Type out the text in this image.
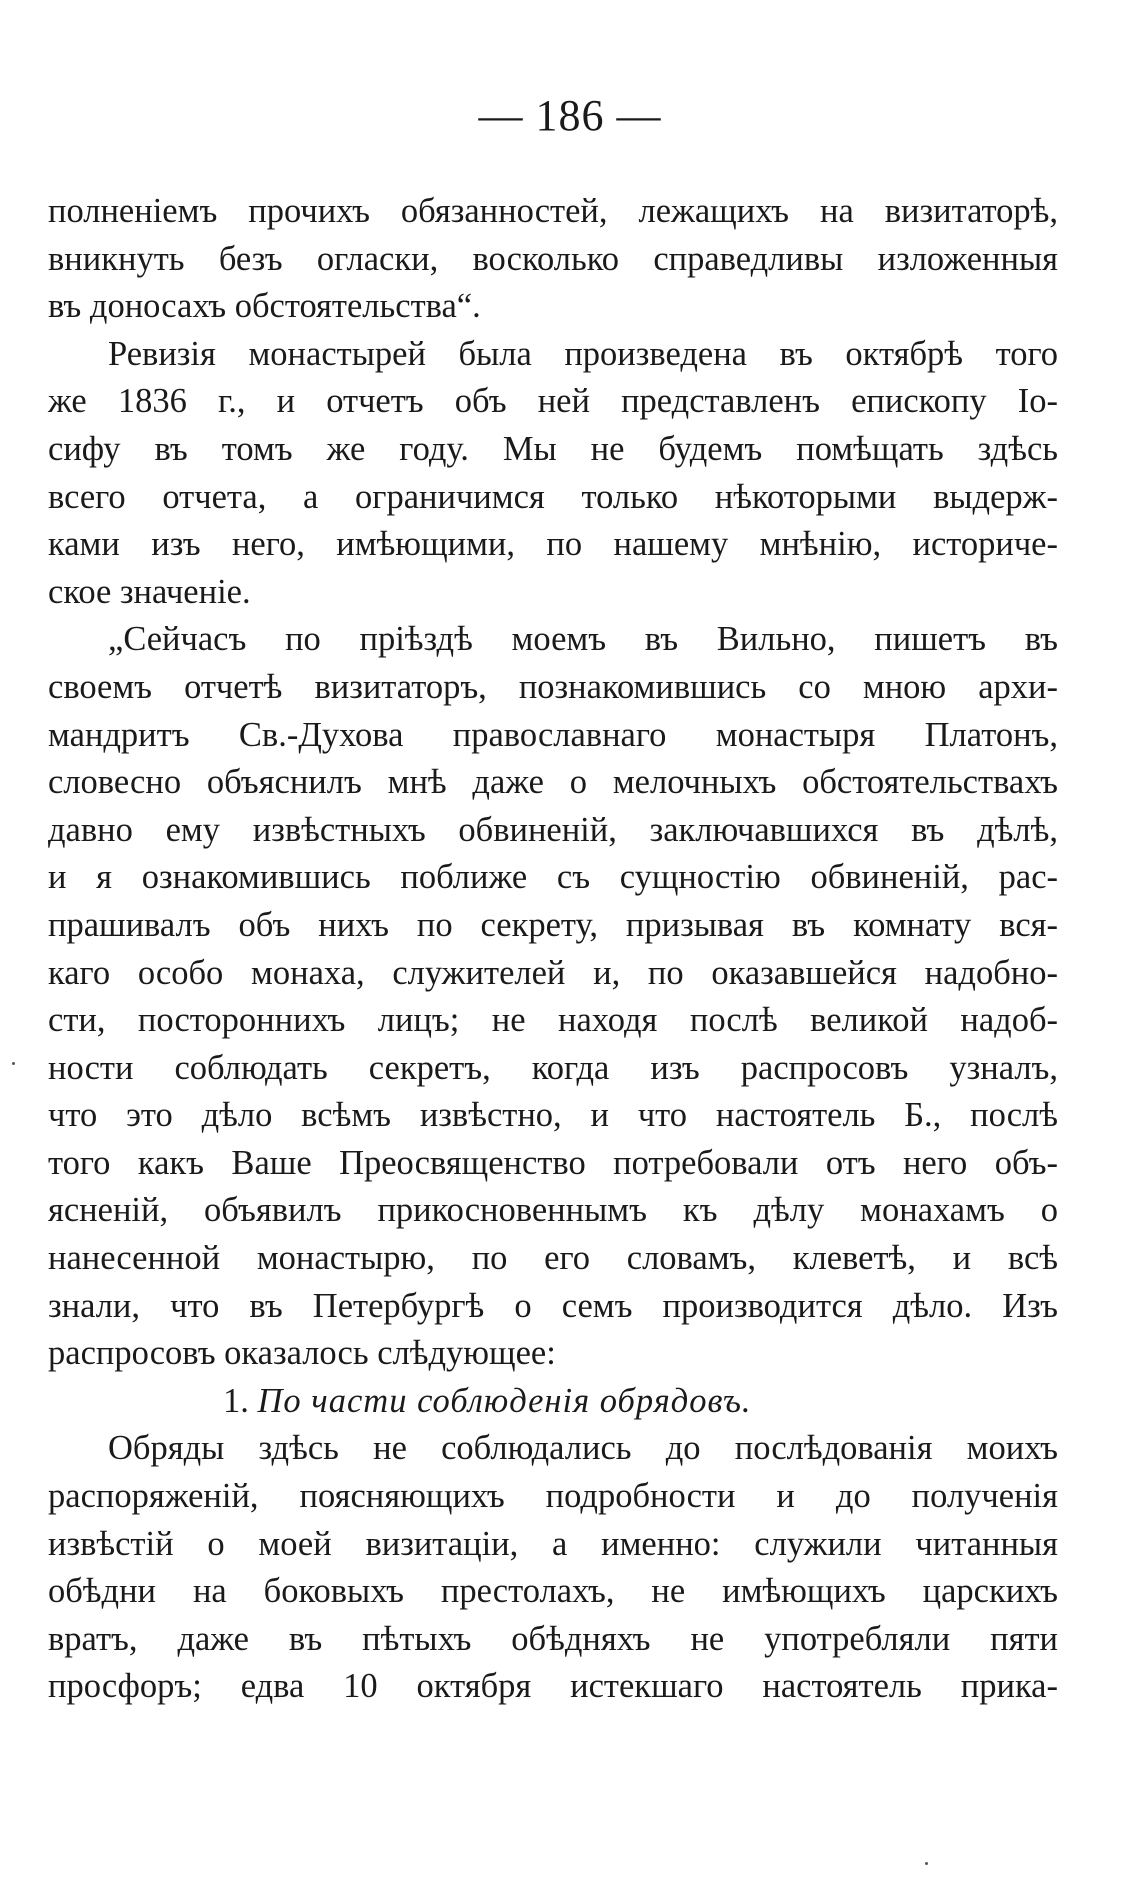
— 186 —
полненіемъ прочихъ обязанностей, лежащихъ на визитаторѣ,
вникнуть безъ огласки, восколько справедливы изложенныя
въ доносахъ обстоятельства“.
Ревизія монастырей была произведена въ октябрѣ того
же 1836 г., и отчетъ объ ней представленъ епископу Іо-
сифу въ томъ же году. Мы не будемъ помѣщать здѣсь
всего отчета, а ограничимся только нѣкоторыми выдерж-
ками изъ него, имѣющими, по нашему мнѣнію, историче-
ское значеніе.
„Сейчасъ по пріѣздѣ моемъ въ Вильно, пишетъ въ
своемъ отчетѣ визитаторъ, познакомившись со мною архи-
мандритъ Св.-Духова православнаго монастыря Платонъ,
словесно объяснилъ мнѣ даже о мелочныхъ обстоятельствахъ
давно ему извѣстныхъ обвиненій, заключавшихся въ дѣлѣ,
и я ознакомившись поближе съ сущностію обвиненій, рас-
прашивалъ объ нихъ по секрету, призывая въ комнату вся-
каго особо монаха, служителей и, по оказавшейся надобно-
сти, постороннихъ лицъ; не находя послѣ великой надоб-
ности соблюдать секретъ, когда изъ распросовъ узналъ,
что это дѣло всѣмъ извѣстно, и что настоятель Б., послѣ
того какъ Ваше Преосвященство потребовали отъ него объ-
ясненій, объявилъ прикосновеннымъ къ дѣлу монахамъ о
нанесенной монастырю, по его словамъ, клеветѣ, и всѣ
знали, что въ Петербургѣ о семъ производится дѣло. Изъ
распросовъ оказалось слѣдующее:
1. По части соблюденія обрядовъ.
Обряды здѣсь не соблюдались до послѣдованія моихъ
распоряженій, поясняющихъ подробности и до полученія
извѣстій о моей визитаціи, а именно: служили читанныя
обѣдни на боковыхъ престолахъ, не имѣющихъ царскихъ
вратъ, даже въ пѣтыхъ обѣдняхъ не употребляли пяти
просфоръ; едва 10 октября истекшаго настоятель прика-
